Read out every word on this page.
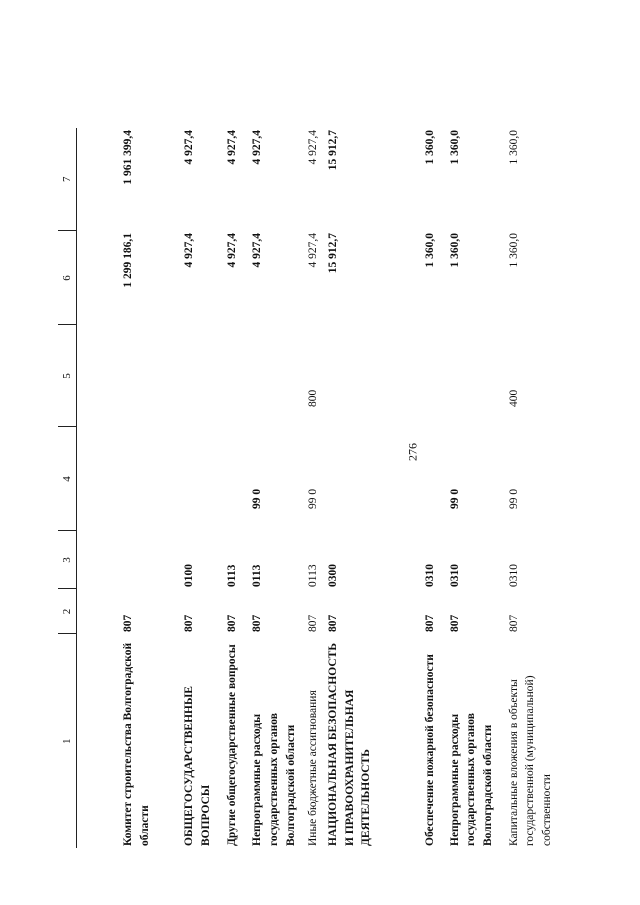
276
1	2	3	4	5	6	7
Комитет строительства Волгоградской области	807				1 299 186,1	1 961 399,4
ОБЩЕГОСУДАРСТВЕННЫЕ ВОПРОСЫ	807	0100			4 927,4	4 927,4
Другие общегосударственные вопросы	807	0113			4 927,4	4 927,4
Непрограммные расходы государственных органов Волгоградской области	807	0113	99 0		4 927,4	4 927,4
Иные бюджетные ассигнования	807	0113	99 0	800	4 927,4	4 927,4
НАЦИОНАЛЬНАЯ БЕЗОПАСНОСТЬ И ПРАВООХРАНИТЕЛЬНАЯ ДЕЯТЕЛЬНОСТЬ	807	0300			15 912,7	15 912,7
Обеспечение пожарной безопасности	807	0310			1 360,0	1 360,0
Непрограммные расходы государственных органов Волгоградской области	807	0310	99 0		1 360,0	1 360,0
Капитальные вложения в объекты государственной (муниципальной) собственности	807	0310	99 0	400	1 360,0	1 360,0
